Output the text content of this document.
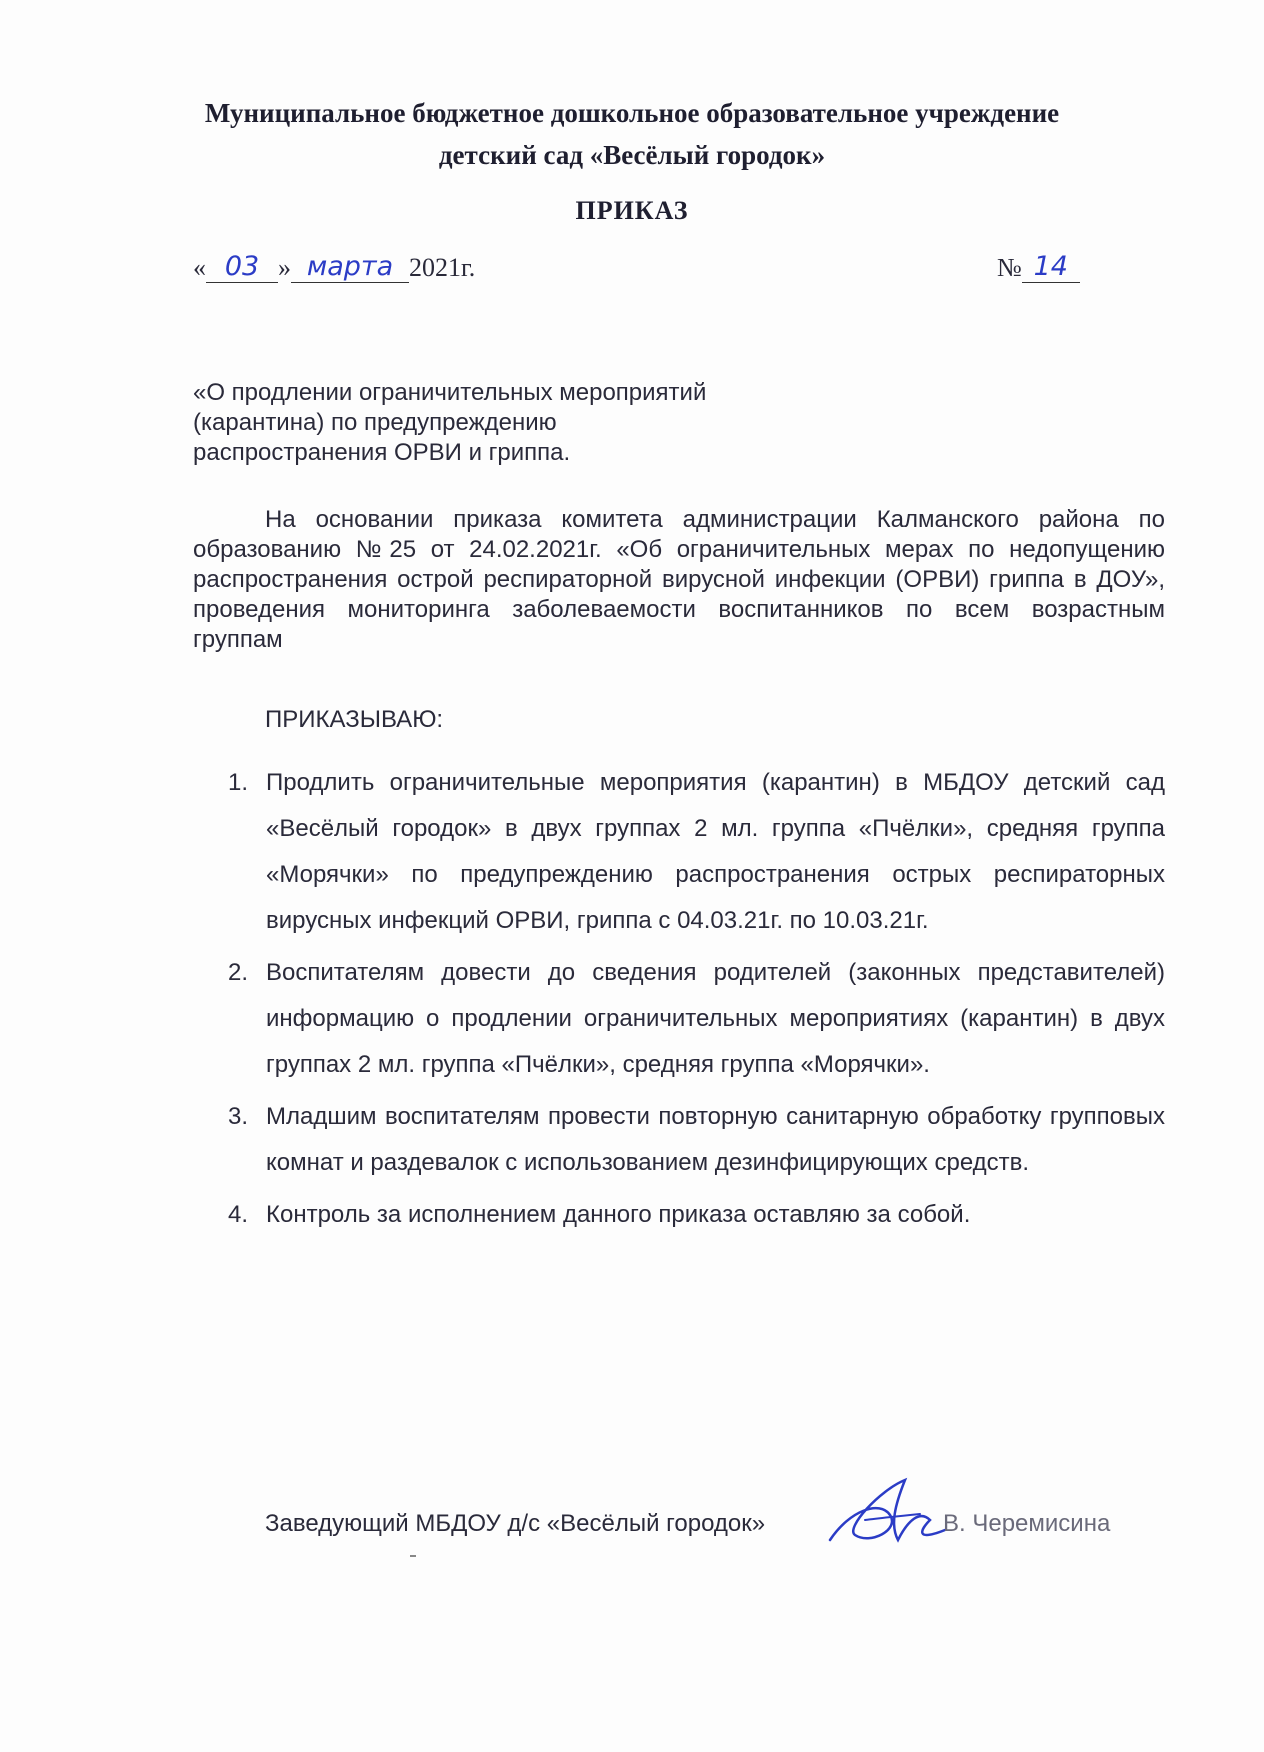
Муниципальное бюджетное дошкольное образовательное учреждение
детский сад «Весёлый городок»
ПРИКАЗ
« 03 » марта 2021г.	№ 14
«О продлении ограничительных мероприятий
(карантина) по предупреждению
распространения ОРВИ и гриппа.
На основании приказа комитета администрации Калманского района по образованию №25 от 24.02.2021г. «Об ограничительных мерах по недопущению распространения острой респираторной вирусной инфекции (ОРВИ) гриппа в ДОУ», проведения мониторинга заболеваемости воспитанников по всем возрастным группам
ПРИКАЗЫВАЮ:
1. Продлить ограничительные мероприятия (карантин) в МБДОУ детский сад «Весёлый городок» в двух группах 2 мл. группа «Пчёлки», средняя группа «Морячки» по предупреждению распространения острых респираторных вирусных инфекций ОРВИ, гриппа с 04.03.21г. по 10.03.21г.
2. Воспитателям довести до сведения родителей (законных представителей) информацию о продлении ограничительных мероприятиях (карантин) в двух группах 2 мл. группа «Пчёлки», средняя группа «Морячки».
3. Младшим воспитателям провести повторную санитарную обработку групповых комнат и раздевалок с использованием дезинфицирующих средств.
4. Контроль за исполнением данного приказа оставляю за собой.
Заведующий МБДОУ д/с «Весёлый городок»	В. Черемисина
